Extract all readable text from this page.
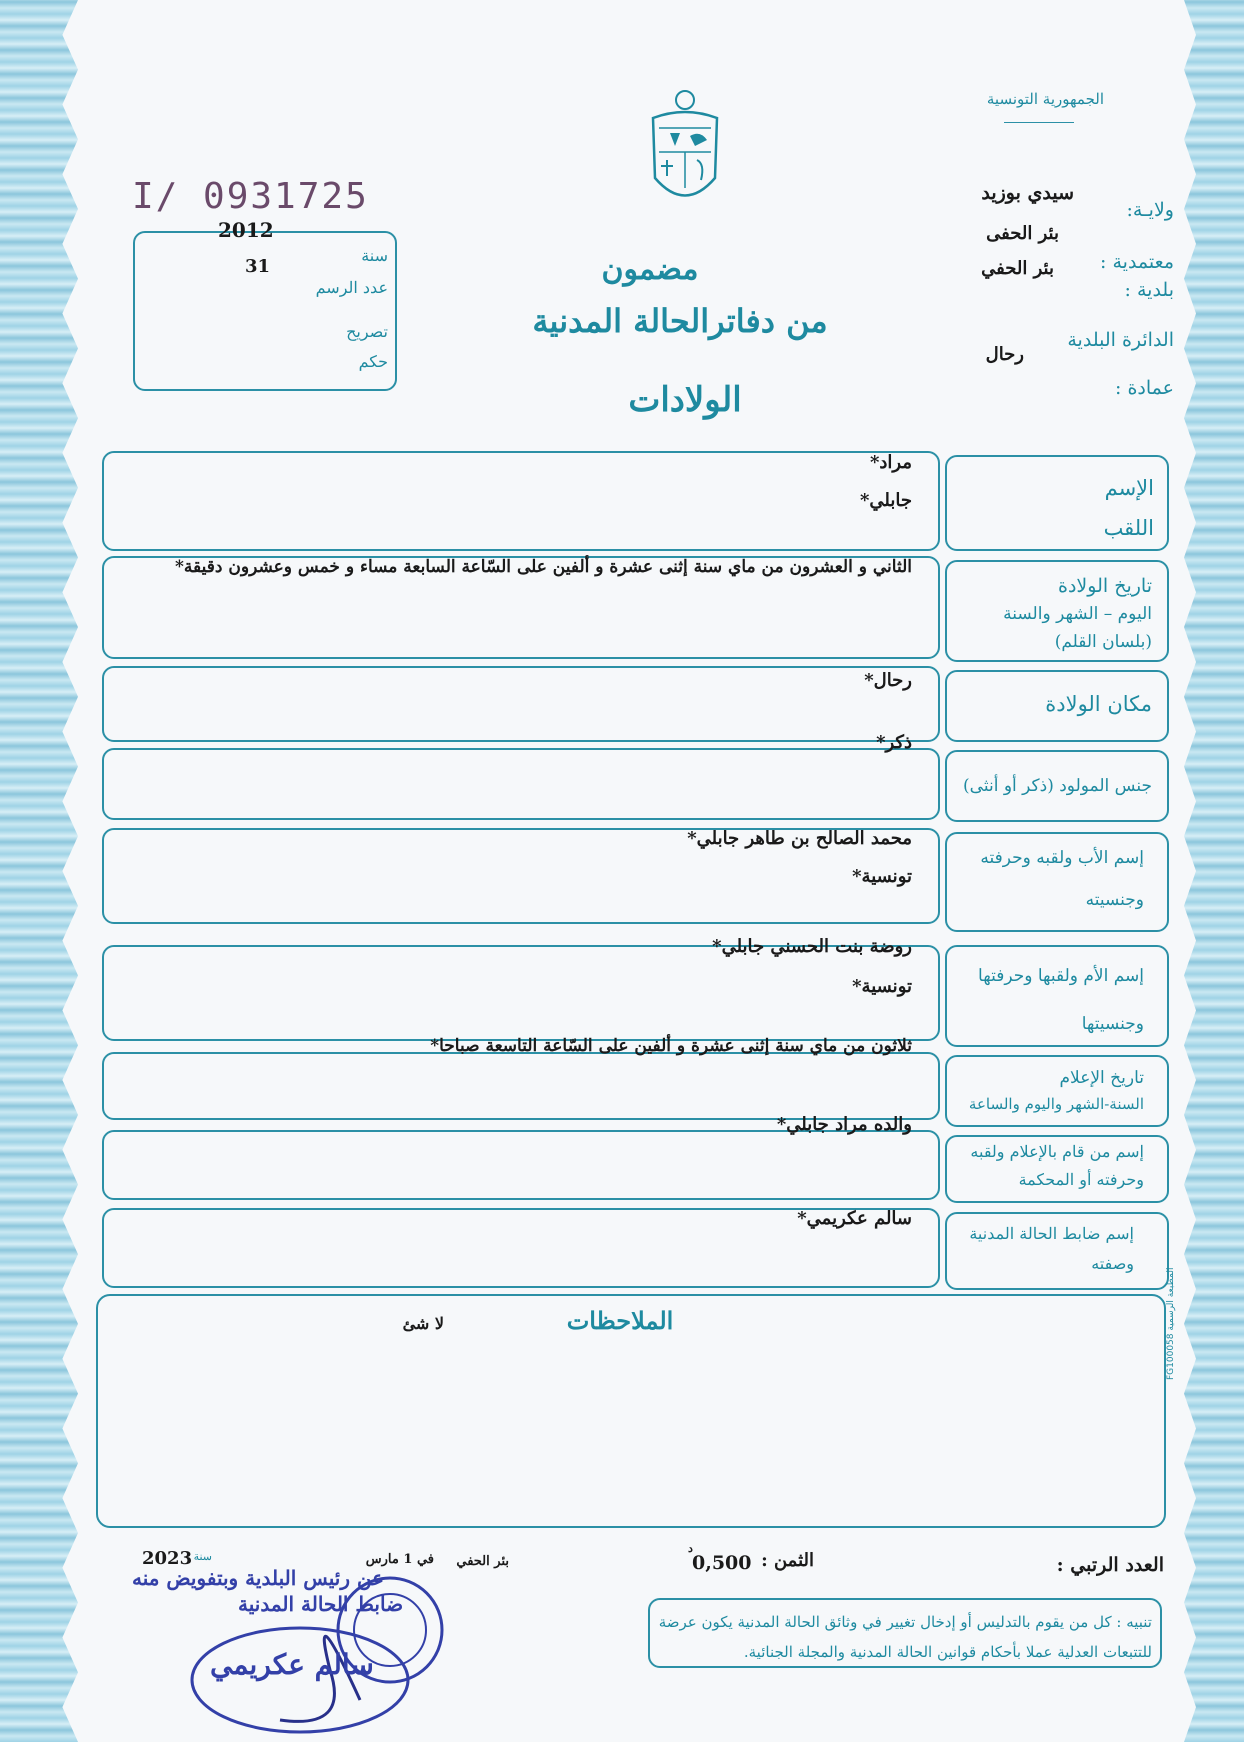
الجمهورية التونسية
ولايـة:
سيدي بوزيد
بئر الحفى
معتمدية :
بئر الحفي
بلدية :
الدائرة البلدية
رحال
عمادة :
I/ 0931725
2012
31
سنة
عدد الرسم
تصريح
حكم
مضمون
من دفاترالحالة المدنية
الولادات
الإسم
اللقب
مراد*
جابلي*
تاريخ الولادة
اليوم – الشهر والسنة
(بلسان القلم)
الثاني و العشرون من ماي سنة إثنى عشرة و ألفين على السّاعة السابعة مساء و خمس وعشرون دقيقة*
مكان الولادة
رحال*
جنس المولود (ذكر أو أنثى)
ذكر*
إسم الأب ولقبه وحرفته
وجنسيته
محمد الصالح بن طاهر جابلي*
تونسية*
إسم الأم ولقبها وحرفتها
وجنسيتها
روضة بنت الحسني جابلي*
تونسية*
تاريخ الإعلام
السنة-الشهر واليوم والساعة
ثلاثون من ماي سنة إثنى عشرة و ألفين على السّاعة التاسعة صباحا*
إسم من قام بالإعلام ولقبه
وحرفته أو المحكمة
والده مراد جابلي*
إسم ضابط الحالة المدنية
وصفته
سالم عكريمي*
الملاحظات
لا شئ
المطبعة الرسمية FG100058
العدد الرتبي :
الثمن :
0,500
د
بئر الحفي
في 1 مارس
سنة
2023
تنبيه : كل من يقوم بالتدليس أو إدخال تغيير في وثائق الحالة المدنية يكون عرضة
للتتبعات العدلية عملا بأحكام قوانين الحالة المدنية والمجلة الجنائية.
عن رئيس البلدية وبتفويض منه
ضابط الحالة المدنية
سالم عكريمي
